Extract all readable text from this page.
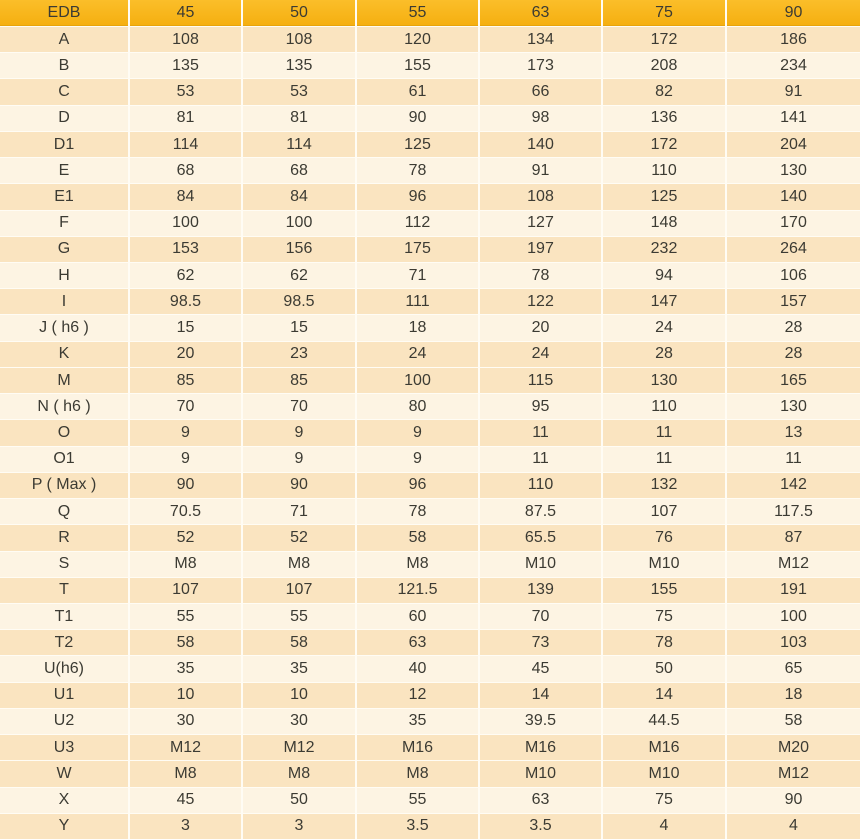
EDB	45	50	55	63	75	90
A	108	108	120	134	172	186
B	135	135	155	173	208	234
C	53	53	61	66	82	91
D	81	81	90	98	136	141
D1	114	114	125	140	172	204
E	68	68	78	91	110	130
E1	84	84	96	108	125	140
F	100	100	112	127	148	170
G	153	156	175	197	232	264
H	62	62	71	78	94	106
I	98.5	98.5	111	122	147	157
J ( h6 )	15	15	18	20	24	28
K	20	23	24	24	28	28
M	85	85	100	115	130	165
N ( h6 )	70	70	80	95	110	130
O	9	9	9	11	11	13
O1	9	9	9	11	11	11
P ( Max )	90	90	96	110	132	142
Q	70.5	71	78	87.5	107	117.5
R	52	52	58	65.5	76	87
S	M8	M8	M8	M10	M10	M12
T	107	107	121.5	139	155	191
T1	55	55	60	70	75	100
T2	58	58	63	73	78	103
U(h6)	35	35	40	45	50	65
U1	10	10	12	14	14	18
U2	30	30	35	39.5	44.5	58
U3	M12	M12	M16	M16	M16	M20
W	M8	M8	M8	M10	M10	M12
X	45	50	55	63	75	90
Y	3	3	3.5	3.5	4	4
